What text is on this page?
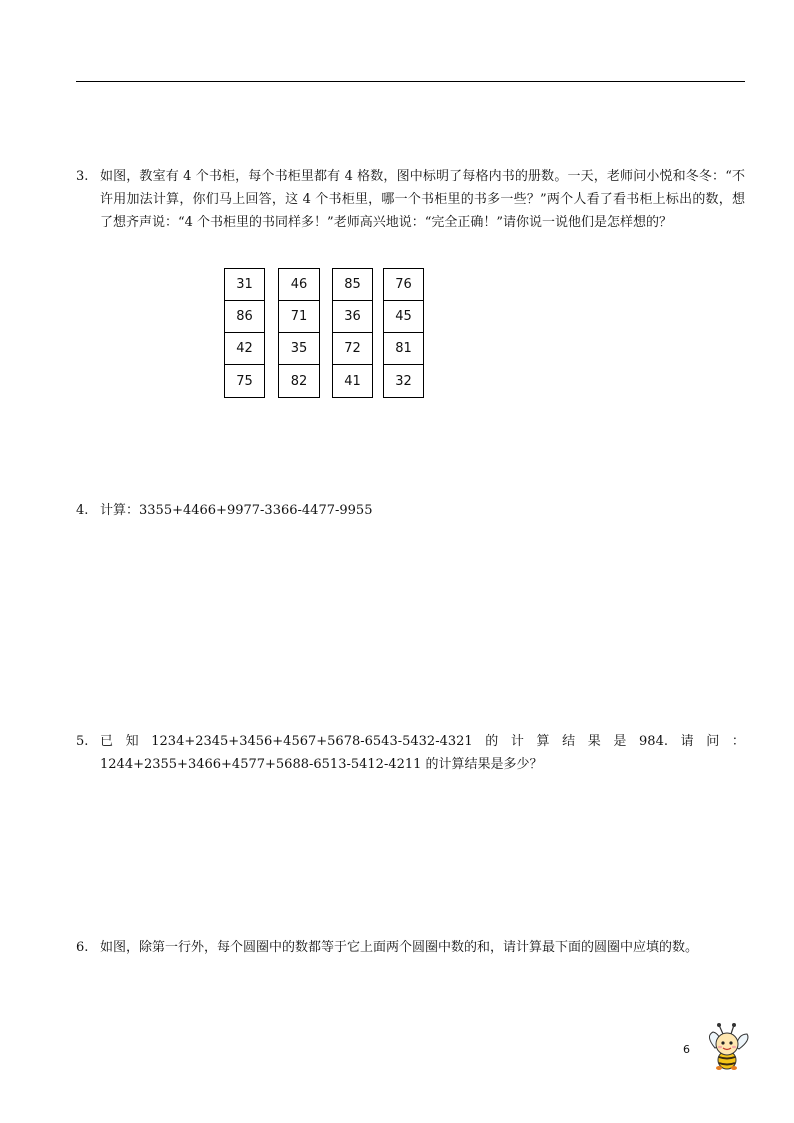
3. 如图，教室有 4 个书柜，每个书柜里都有 4 格数，图中标明了每格内书的册数。一天，老师问小悦和冬冬：“不许用加法计算，你们马上回答，这 4 个书柜里，哪一个书柜里的书多一些？”两个人看了看书柜上标出的数，想了想齐声说：“4 个书柜里的书同样多！”老师高兴地说：“完全正确！”请你说一说他们是怎样想的？
31
86
42
75
46
71
35
82
85
36
72
41
76
45
81
32
4. 计算：3355+4466+9977-3366-4477-9955
5. 已 知 1234+2345+3456+4567+5678-6543-5432-4321 的 计 算 结 果 是 984. 请 问 ：
1244+2355+3466+4577+5688-6513-5412-4211 的计算结果是多少？
6. 如图，除第一行外，每个圆圈中的数都等于它上面两个圆圈中数的和，请计算最下面的圆圈中应填的数。
6
